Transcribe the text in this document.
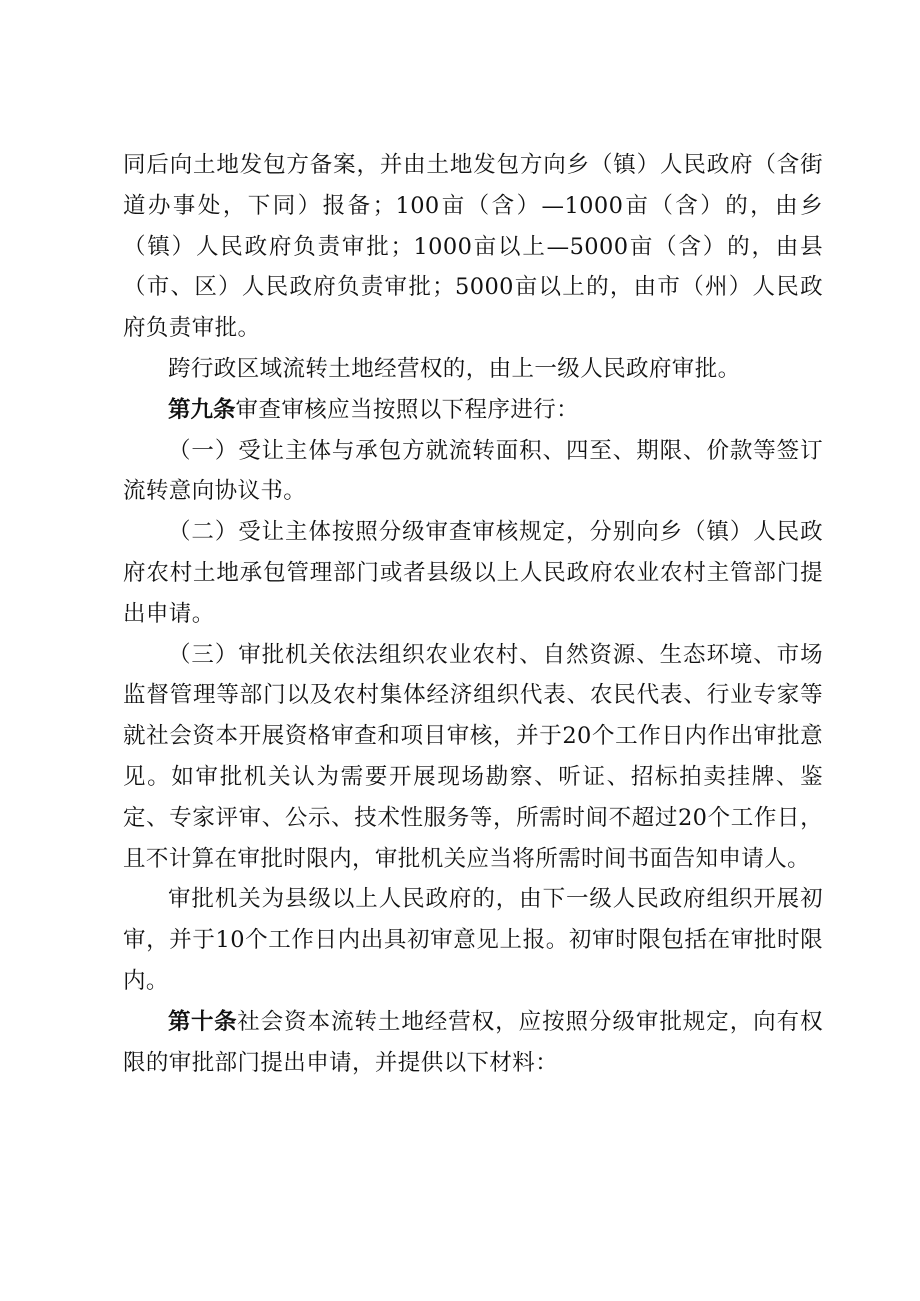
同后向土地发包方备案，并由土地发包方向乡（镇）人民政府（含街道办事处，下同）报备；100亩（含）—1000亩（含）的，由乡（镇）人民政府负责审批；1000亩以上—5000亩（含）的，由县（市、区）人民政府负责审批；5000亩以上的，由市（州）人民政府负责审批。

跨行政区域流转土地经营权的，由上一级人民政府审批。

第九条审查审核应当按照以下程序进行：

（一）受让主体与承包方就流转面积、四至、期限、价款等签订流转意向协议书。

（二）受让主体按照分级审查审核规定，分别向乡（镇）人民政府农村土地承包管理部门或者县级以上人民政府农业农村主管部门提出申请。

（三）审批机关依法组织农业农村、自然资源、生态环境、市场监督管理等部门以及农村集体经济组织代表、农民代表、行业专家等就社会资本开展资格审查和项目审核，并于20个工作日内作出审批意见。如审批机关认为需要开展现场勘察、听证、招标拍卖挂牌、鉴定、专家评审、公示、技术性服务等，所需时间不超过20个工作日，且不计算在审批时限内，审批机关应当将所需时间书面告知申请人。

审批机关为县级以上人民政府的，由下一级人民政府组织开展初审，并于10个工作日内出具初审意见上报。初审时限包括在审批时限内。

第十条社会资本流转土地经营权，应按照分级审批规定，向有权限的审批部门提出申请，并提供以下材料：
